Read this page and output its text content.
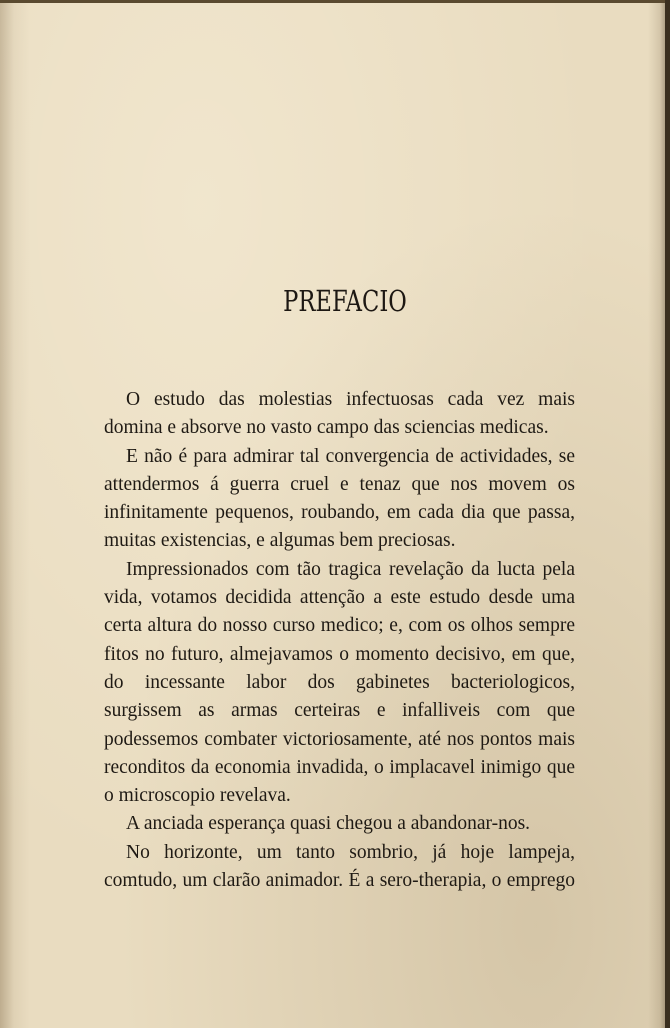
PREFACIO

O estudo das molestias infectuosas cada vez mais domina e absorve no vasto campo das sciencias medicas.

E não é para admirar tal convergencia de actividades, se attendermos á guerra cruel e tenaz que nos movem os infinitamente pequenos, roubando, em cada dia que passa, muitas existencias, e algumas bem preciosas.

Impressionados com tão tragica revelação da lucta pela vida, votamos decidida attenção a este estudo desde uma certa altura do nosso curso medico; e, com os olhos sempre fitos no futuro, almejavamos o momento decisivo, em que, do incessante labor dos gabinetes bacteriologicos, surgissem as armas certeiras e infalliveis com que podessemos combater victoriosamente, até nos pontos mais reconditos da economia invadida, o implacavel inimigo que o microscopio revelava.

A anciada esperança quasi chegou a abandonar-nos.

No horizonte, um tanto sombrio, já hoje lampeja, comtudo, um clarão animador. É a sero-therapia, o emprego
